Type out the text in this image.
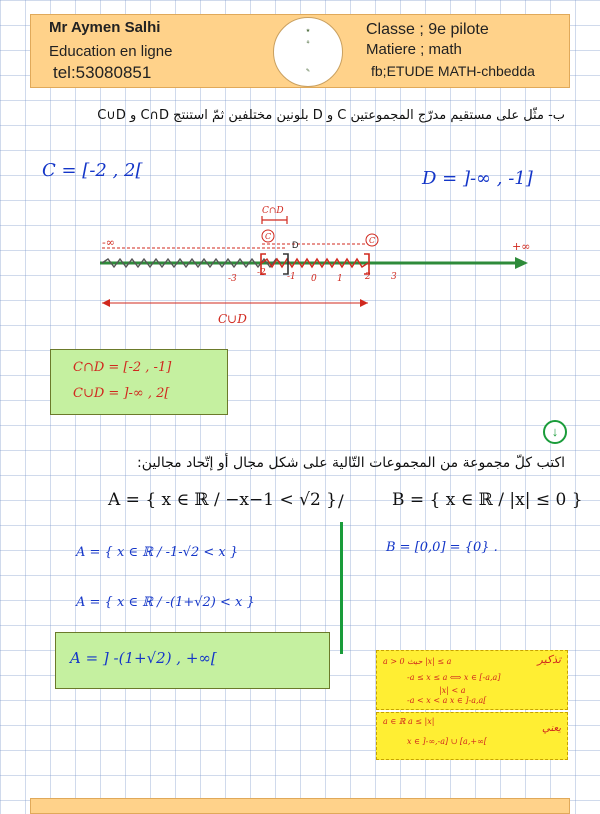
Mr Aymen Salhi
Education en ligne
tel:53080851
★
⚘
✎
Classe ; 9e pilote
Matiere ; math
fb;ETUDE MATH-chbedda
ب- مثّل على مستقيم مدرّج المجموعتين C و D بلونين مختلفين ثمّ استنتج C∩D و C∪D
C = [-2 , 2[	D = ]-∞ , -1]
C∩D
C	C
D
-∞	+∞
-3
-2 -1 0 1 2 3
C∪D
C∩D = [-2 , -1]
C∪D = ]-∞ , 2[
↓
اكتب كلّ مجموعة من المجموعات التّالية على شكل مجال أو إتّحاد مجالين:
A = { x ∈ ℝ / −x−1 < √2 } /	B = { x ∈ ℝ / |x| ≤ 0 }
A = { x ∈ ℝ / -1-√2 < x }
A = { x ∈ ℝ / -(1+√2) < x }
B = [0,0] = {0} .
A = ] -(1+√2) , +∞[	تذكير
a > 0 حيث |x| ≤ a
-a ≤ x ≤ a ⟺ x ∈ [-a,a]
|x| < a
-a < x < a x ∈ ]-a,a[
يعني
a ∈ ℝ a ≤ |x|
x ∈ ]-∞,-a] ∪ [a,+∞[
